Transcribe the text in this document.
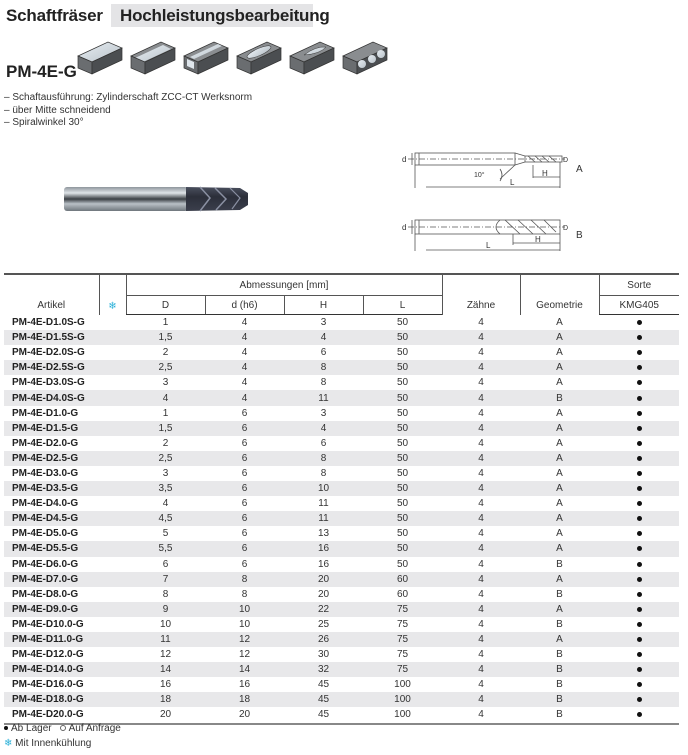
Schaftfräser Hochleistungsbearbeitung
PM-4E-G
– Schaftausführung: Zylinderschaft ZCC-CT Werksnorm
– über Mitte schneidend
– Spiralwinkel 30°
d	D
10°
L
H
d	D
L
H
A
B
Artikel	❄	Abmessungen [mm]				Zähne	Geometrie	Sorte
		D	d (h6)	H	L			KMG405
PM-4E-D1.0S-G		1	4	3	50	4	A	
PM-4E-D1.5S-G		1,5	4	4	50	4	A	
PM-4E-D2.0S-G		2	4	6	50	4	A	
PM-4E-D2.5S-G		2,5	4	8	50	4	A	
PM-4E-D3.0S-G		3	4	8	50	4	A	
PM-4E-D4.0S-G		4	4	11	50	4	B	
PM-4E-D1.0-G		1	6	3	50	4	A	
PM-4E-D1.5-G		1,5	6	4	50	4	A	
PM-4E-D2.0-G		2	6	6	50	4	A	
PM-4E-D2.5-G		2,5	6	8	50	4	A	
PM-4E-D3.0-G		3	6	8	50	4	A	
PM-4E-D3.5-G		3,5	6	10	50	4	A	
PM-4E-D4.0-G		4	6	11	50	4	A	
PM-4E-D4.5-G		4,5	6	11	50	4	A	
PM-4E-D5.0-G		5	6	13	50	4	A	
PM-4E-D5.5-G		5,5	6	16	50	4	A	
PM-4E-D6.0-G		6	6	16	50	4	B	
PM-4E-D7.0-G		7	8	20	60	4	A	
PM-4E-D8.0-G		8	8	20	60	4	B	
PM-4E-D9.0-G		9	10	22	75	4	A	
PM-4E-D10.0-G		10	10	25	75	4	B	
PM-4E-D11.0-G		11	12	26	75	4	A	
PM-4E-D12.0-G		12	12	30	75	4	B	
PM-4E-D14.0-G		14	14	32	75	4	B	
PM-4E-D16.0-G		16	16	45	100	4	B	
PM-4E-D18.0-G		18	18	45	100	4	B	
PM-4E-D20.0-G		20	20	45	100	4	B	
Ab Lager Auf Anfrage
❄ Mit Innenkühlung
